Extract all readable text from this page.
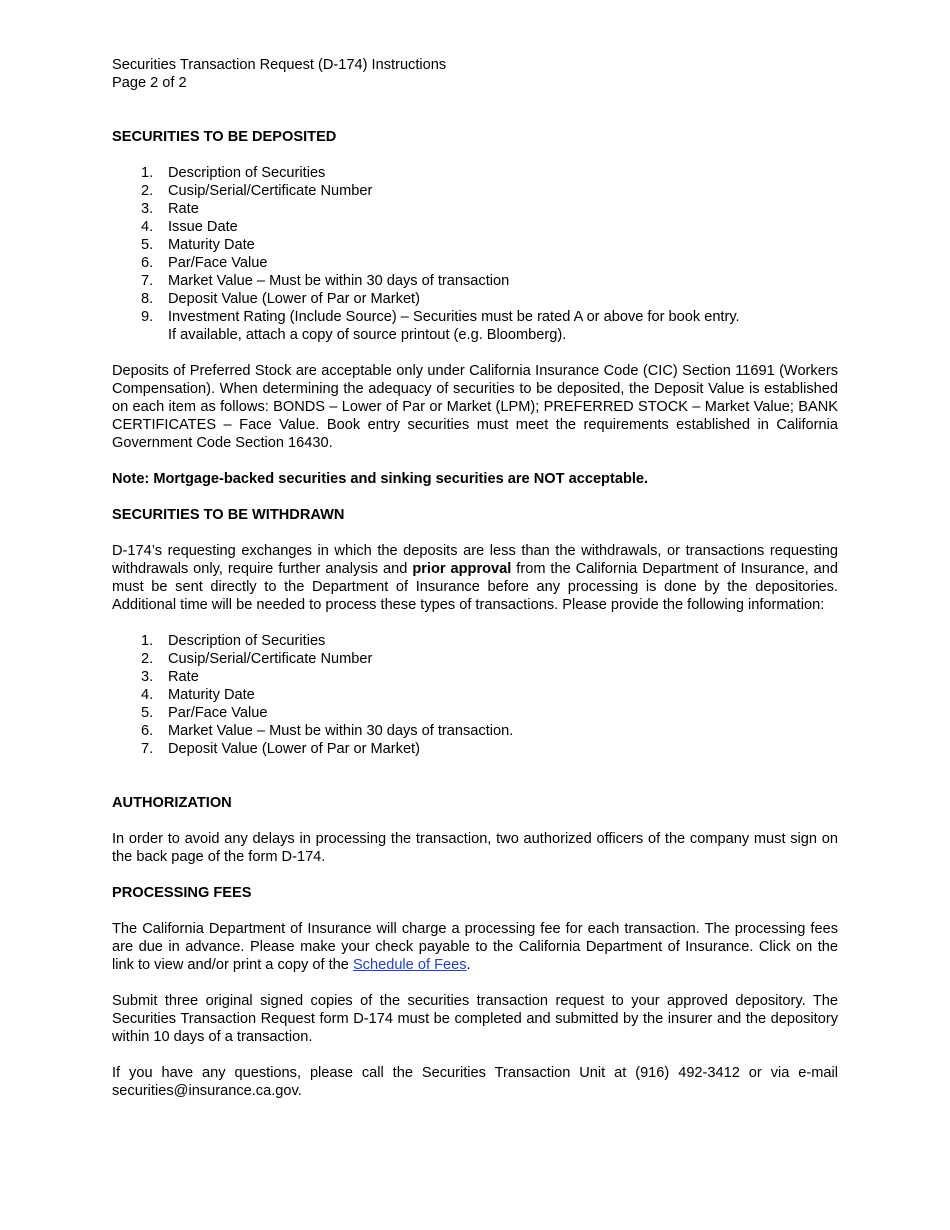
Securities Transaction Request (D-174) Instructions
Page 2 of 2
SECURITIES TO BE DEPOSITED
1. Description of Securities
2. Cusip/Serial/Certificate Number
3. Rate
4. Issue Date
5. Maturity Date
6. Par/Face Value
7. Market Value – Must be within 30 days of transaction
8. Deposit Value (Lower of Par or Market)
9. Investment Rating (Include Source) – Securities must be rated A or above for book entry.
If available, attach a copy of source printout (e.g. Bloomberg).

Deposits of Preferred Stock are acceptable only under California Insurance Code (CIC) Section 11691 (Workers Compensation). When determining the adequacy of securities to be deposited, the Deposit Value is established on each item as follows: BONDS – Lower of Par or Market (LPM); PREFERRED STOCK – Market Value; BANK CERTIFICATES – Face Value. Book entry securities must meet the requirements established in California Government Code Section 16430.

Note: Mortgage-backed securities and sinking securities are NOT acceptable.
SECURITIES TO BE WITHDRAWN

D-174’s requesting exchanges in which the deposits are less than the withdrawals, or transactions requesting withdrawals only, require further analysis and prior approval from the California Department of Insurance, and must be sent directly to the Department of Insurance before any processing is done by the depositories. Additional time will be needed to process these types of transactions. Please provide the following information:

1. Description of Securities
2. Cusip/Serial/Certificate Number
3. Rate
4. Maturity Date
5. Par/Face Value
6. Market Value – Must be within 30 days of transaction.
7. Deposit Value (Lower of Par or Market)
AUTHORIZATION

In order to avoid any delays in processing the transaction, two authorized officers of the company must sign on the back page of the form D-174.

PROCESSING FEES

The California Department of Insurance will charge a processing fee for each transaction. The processing fees are due in advance. Please make your check payable to the California Department of Insurance. Click on the link to view and/or print a copy of the Schedule of Fees.

Submit three original signed copies of the securities transaction request to your approved depository. The Securities Transaction Request form D-174 must be completed and submitted by the insurer and the depository within 10 days of a transaction.

If you have any questions, please call the Securities Transaction Unit at (916) 492-3412 or via e-mail securities@insurance.ca.gov.
